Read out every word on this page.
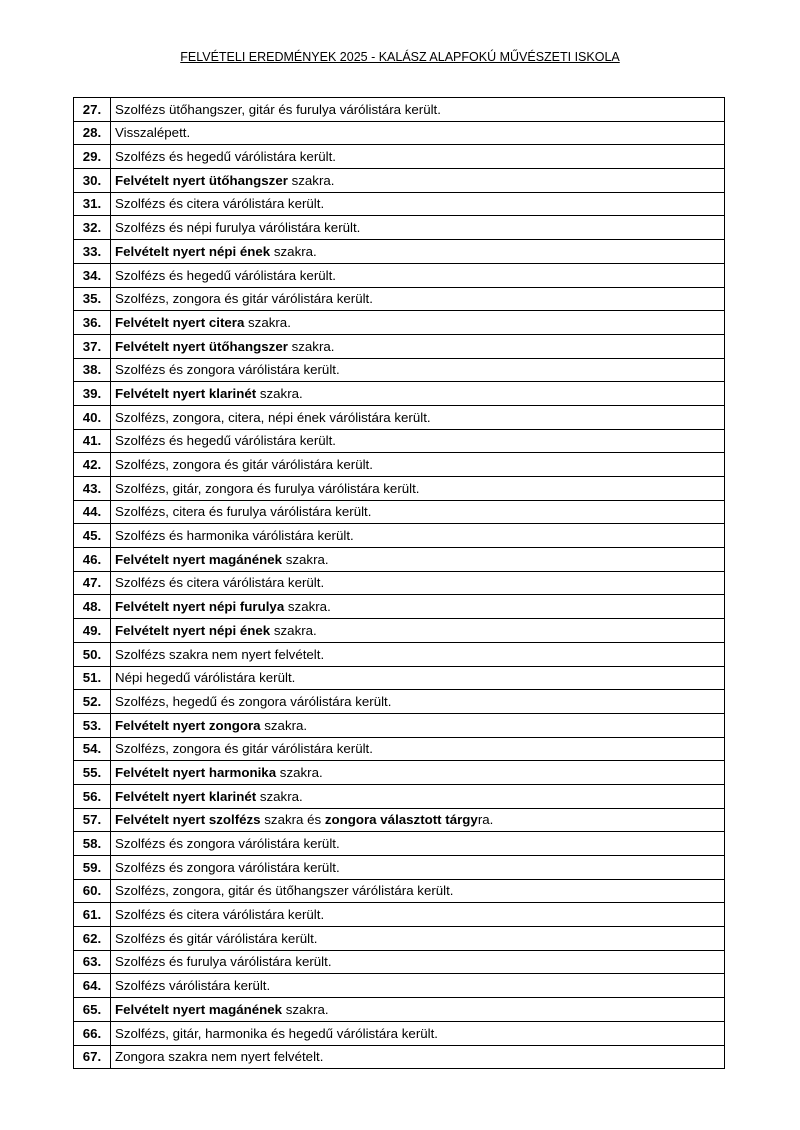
FELVÉTELI EREDMÉNYEK 2025 - KALÁSZ ALAPFOKÚ MŰVÉSZETI ISKOLA
27.	Szolfézs ütőhangszer, gitár és furulya várólistára került.
28.	Visszalépett.
29.	Szolfézs és hegedű várólistára került.
30.	Felvételt nyert ütőhangszer szakra.
31.	Szolfézs és citera várólistára került.
32.	Szolfézs és népi furulya várólistára került.
33.	Felvételt nyert népi ének szakra.
34.	Szolfézs és hegedű várólistára került.
35.	Szolfézs, zongora és gitár várólistára került.
36.	Felvételt nyert citera szakra.
37.	Felvételt nyert ütőhangszer szakra.
38.	Szolfézs és zongora várólistára került.
39.	Felvételt nyert klarinét szakra.
40.	Szolfézs, zongora, citera, népi ének várólistára került.
41.	Szolfézs és hegedű várólistára került.
42.	Szolfézs, zongora és gitár várólistára került.
43.	Szolfézs, gitár, zongora és furulya várólistára került.
44.	Szolfézs, citera és furulya várólistára került.
45.	Szolfézs és harmonika várólistára került.
46.	Felvételt nyert magánének szakra.
47.	Szolfézs és citera várólistára került.
48.	Felvételt nyert népi furulya szakra.
49.	Felvételt nyert népi ének szakra.
50.	Szolfézs szakra nem nyert felvételt.
51.	Népi hegedű várólistára került.
52.	Szolfézs, hegedű és zongora várólistára került.
53.	Felvételt nyert zongora szakra.
54.	Szolfézs, zongora és gitár várólistára került.
55.	Felvételt nyert harmonika szakra.
56.	Felvételt nyert klarinét szakra.
57.	Felvételt nyert szolfézs szakra és zongora választott tárgyra.
58.	Szolfézs és zongora várólistára került.
59.	Szolfézs és zongora várólistára került.
60.	Szolfézs, zongora, gitár és ütőhangszer várólistára került.
61.	Szolfézs és citera várólistára került.
62.	Szolfézs és gitár várólistára került.
63.	Szolfézs és furulya várólistára került.
64.	Szolfézs várólistára került.
65.	Felvételt nyert magánének szakra.
66.	Szolfézs, gitár, harmonika és hegedű várólistára került.
67.	Zongora szakra nem nyert felvételt.
